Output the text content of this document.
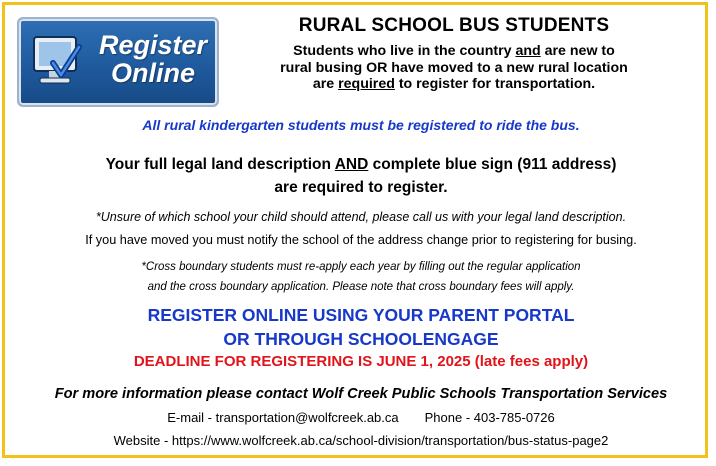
Register
Online
RURAL SCHOOL BUS STUDENTS
Students who live in the country and are new to
rural busing OR have moved to a new rural location
are required to register for transportation.
All rural kindergarten students must be registered to ride the bus.
Your full legal land description AND complete blue sign (911 address)
are required to register.
*Unsure of which school your child should attend, please call us with your legal land description.
If you have moved you must notify the school of the address change prior to registering for busing.
*Cross boundary students must re-apply each year by filling out the regular application
and the cross boundary application. Please note that cross boundary fees will apply.
REGISTER ONLINE USING YOUR PARENT PORTAL
OR THROUGH SCHOOLENGAGE
DEADLINE FOR REGISTERING IS JUNE 1, 2025 (late fees apply)
For more information please contact Wolf Creek Public Schools Transportation Services
E-mail - transportation@wolfcreek.ab.ca Phone - 403-785-0726
Website - https://www.wolfcreek.ab.ca/school-division/transportation/bus-status-page2
